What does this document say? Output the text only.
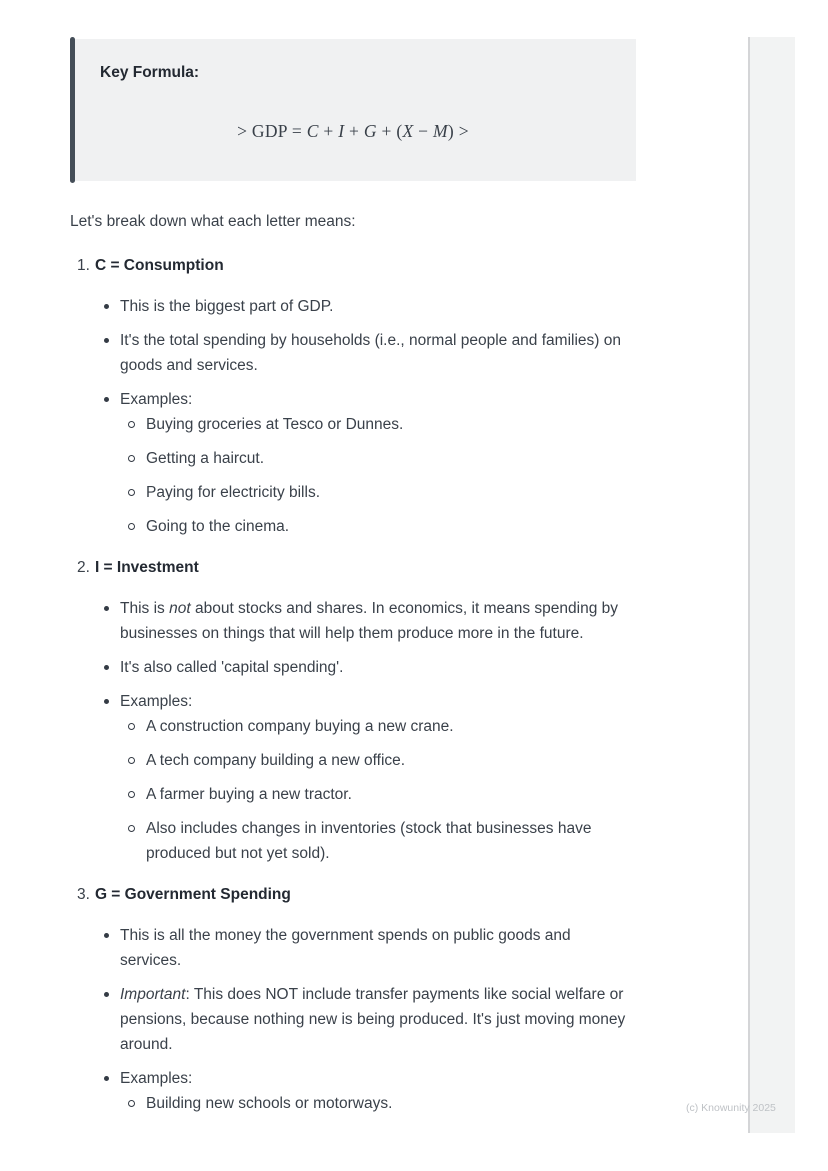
Key Formula:
> GDP = C + I + G + (X − M) >
Let's break down what each letter means:
1. C = Consumption
This is the biggest part of GDP.
It's the total spending by households (i.e., normal people and families) on goods and services.
Examples:
Buying groceries at Tesco or Dunnes.
Getting a haircut.
Paying for electricity bills.
Going to the cinema.
2. I = Investment
This is not about stocks and shares. In economics, it means spending by businesses on things that will help them produce more in the future.
It's also called 'capital spending'.
Examples:
A construction company buying a new crane.
A tech company building a new office.
A farmer buying a new tractor.
Also includes changes in inventories (stock that businesses have produced but not yet sold).
3. G = Government Spending
This is all the money the government spends on public goods and services.
Important: This does NOT include transfer payments like social welfare or pensions, because nothing new is being produced. It's just moving money around.
Examples:
Building new schools or motorways.	(c) Knowunity 2025
